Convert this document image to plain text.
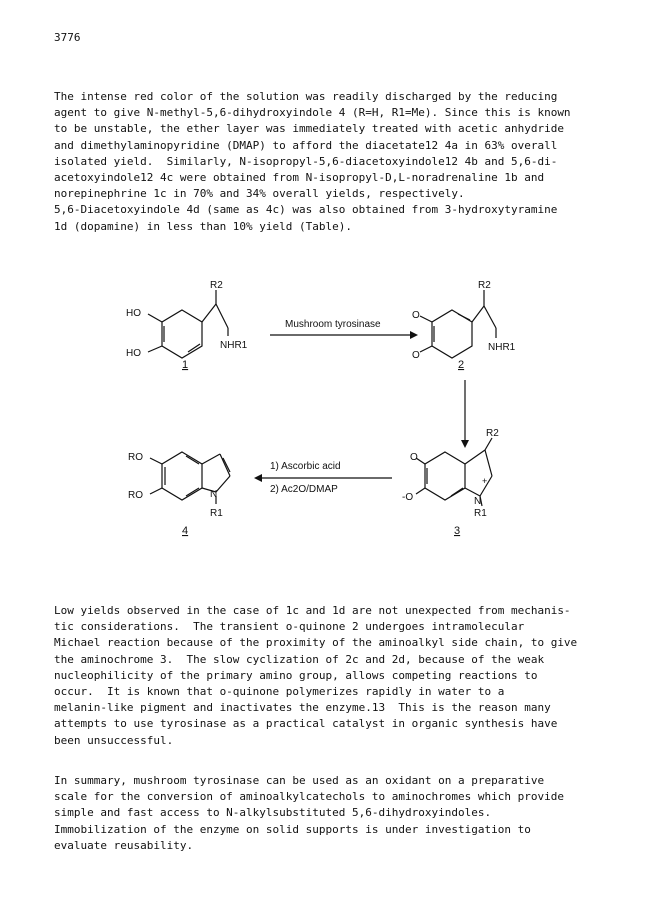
3776
The intense red color of the solution was readily discharged by the reducing
agent to give N-methyl-5,6-dihydroxyindole 4 (R=H, R1=Me). Since this is known
to be unstable, the ether layer was immediately treated with acetic anhydride
and dimethylaminopyridine (DMAP) to afford the diacetate12 4a in 63% overall
isolated yield.  Similarly, N-isopropyl-5,6-diacetoxyindole12 4b and 5,6-di-
acetoxyindole12 4c were obtained from N-isopropyl-D,L-noradrenaline 1b and
norepinephrine 1c in 70% and 34% overall yields, respectively.
5,6-Diacetoxyindole 4d (same as 4c) was also obtained from 3-hydroxytyramine
1d (dopamine) in less than 10% yield (Table).
HO
HO
R2
NHR1
1
Mushroom tyrosinase
O
O
R2
NHR1
2
O
-O
R2
N
+
R1
3
1) Ascorbic acid
2) Ac2O/DMAP
RO
RO	N
R1
4
Low yields observed in the case of 1c and 1d are not unexpected from mechanis-
tic considerations.  The transient o-quinone 2 undergoes intramolecular
Michael reaction because of the proximity of the aminoalkyl side chain, to give
the aminochrome 3.  The slow cyclization of 2c and 2d, because of the weak
nucleophilicity of the primary amino group, allows competing reactions to
occur.  It is known that o-quinone polymerizes rapidly in water to a
melanin-like pigment and inactivates the enzyme.13  This is the reason many
attempts to use tyrosinase as a practical catalyst in organic synthesis have
been unsuccessful.
In summary, mushroom tyrosinase can be used as an oxidant on a preparative
scale for the conversion of aminoalkylcatechols to aminochromes which provide
simple and fast access to N-alkylsubstituted 5,6-dihydroxyindoles.
Immobilization of the enzyme on solid supports is under investigation to
evaluate reusability.
